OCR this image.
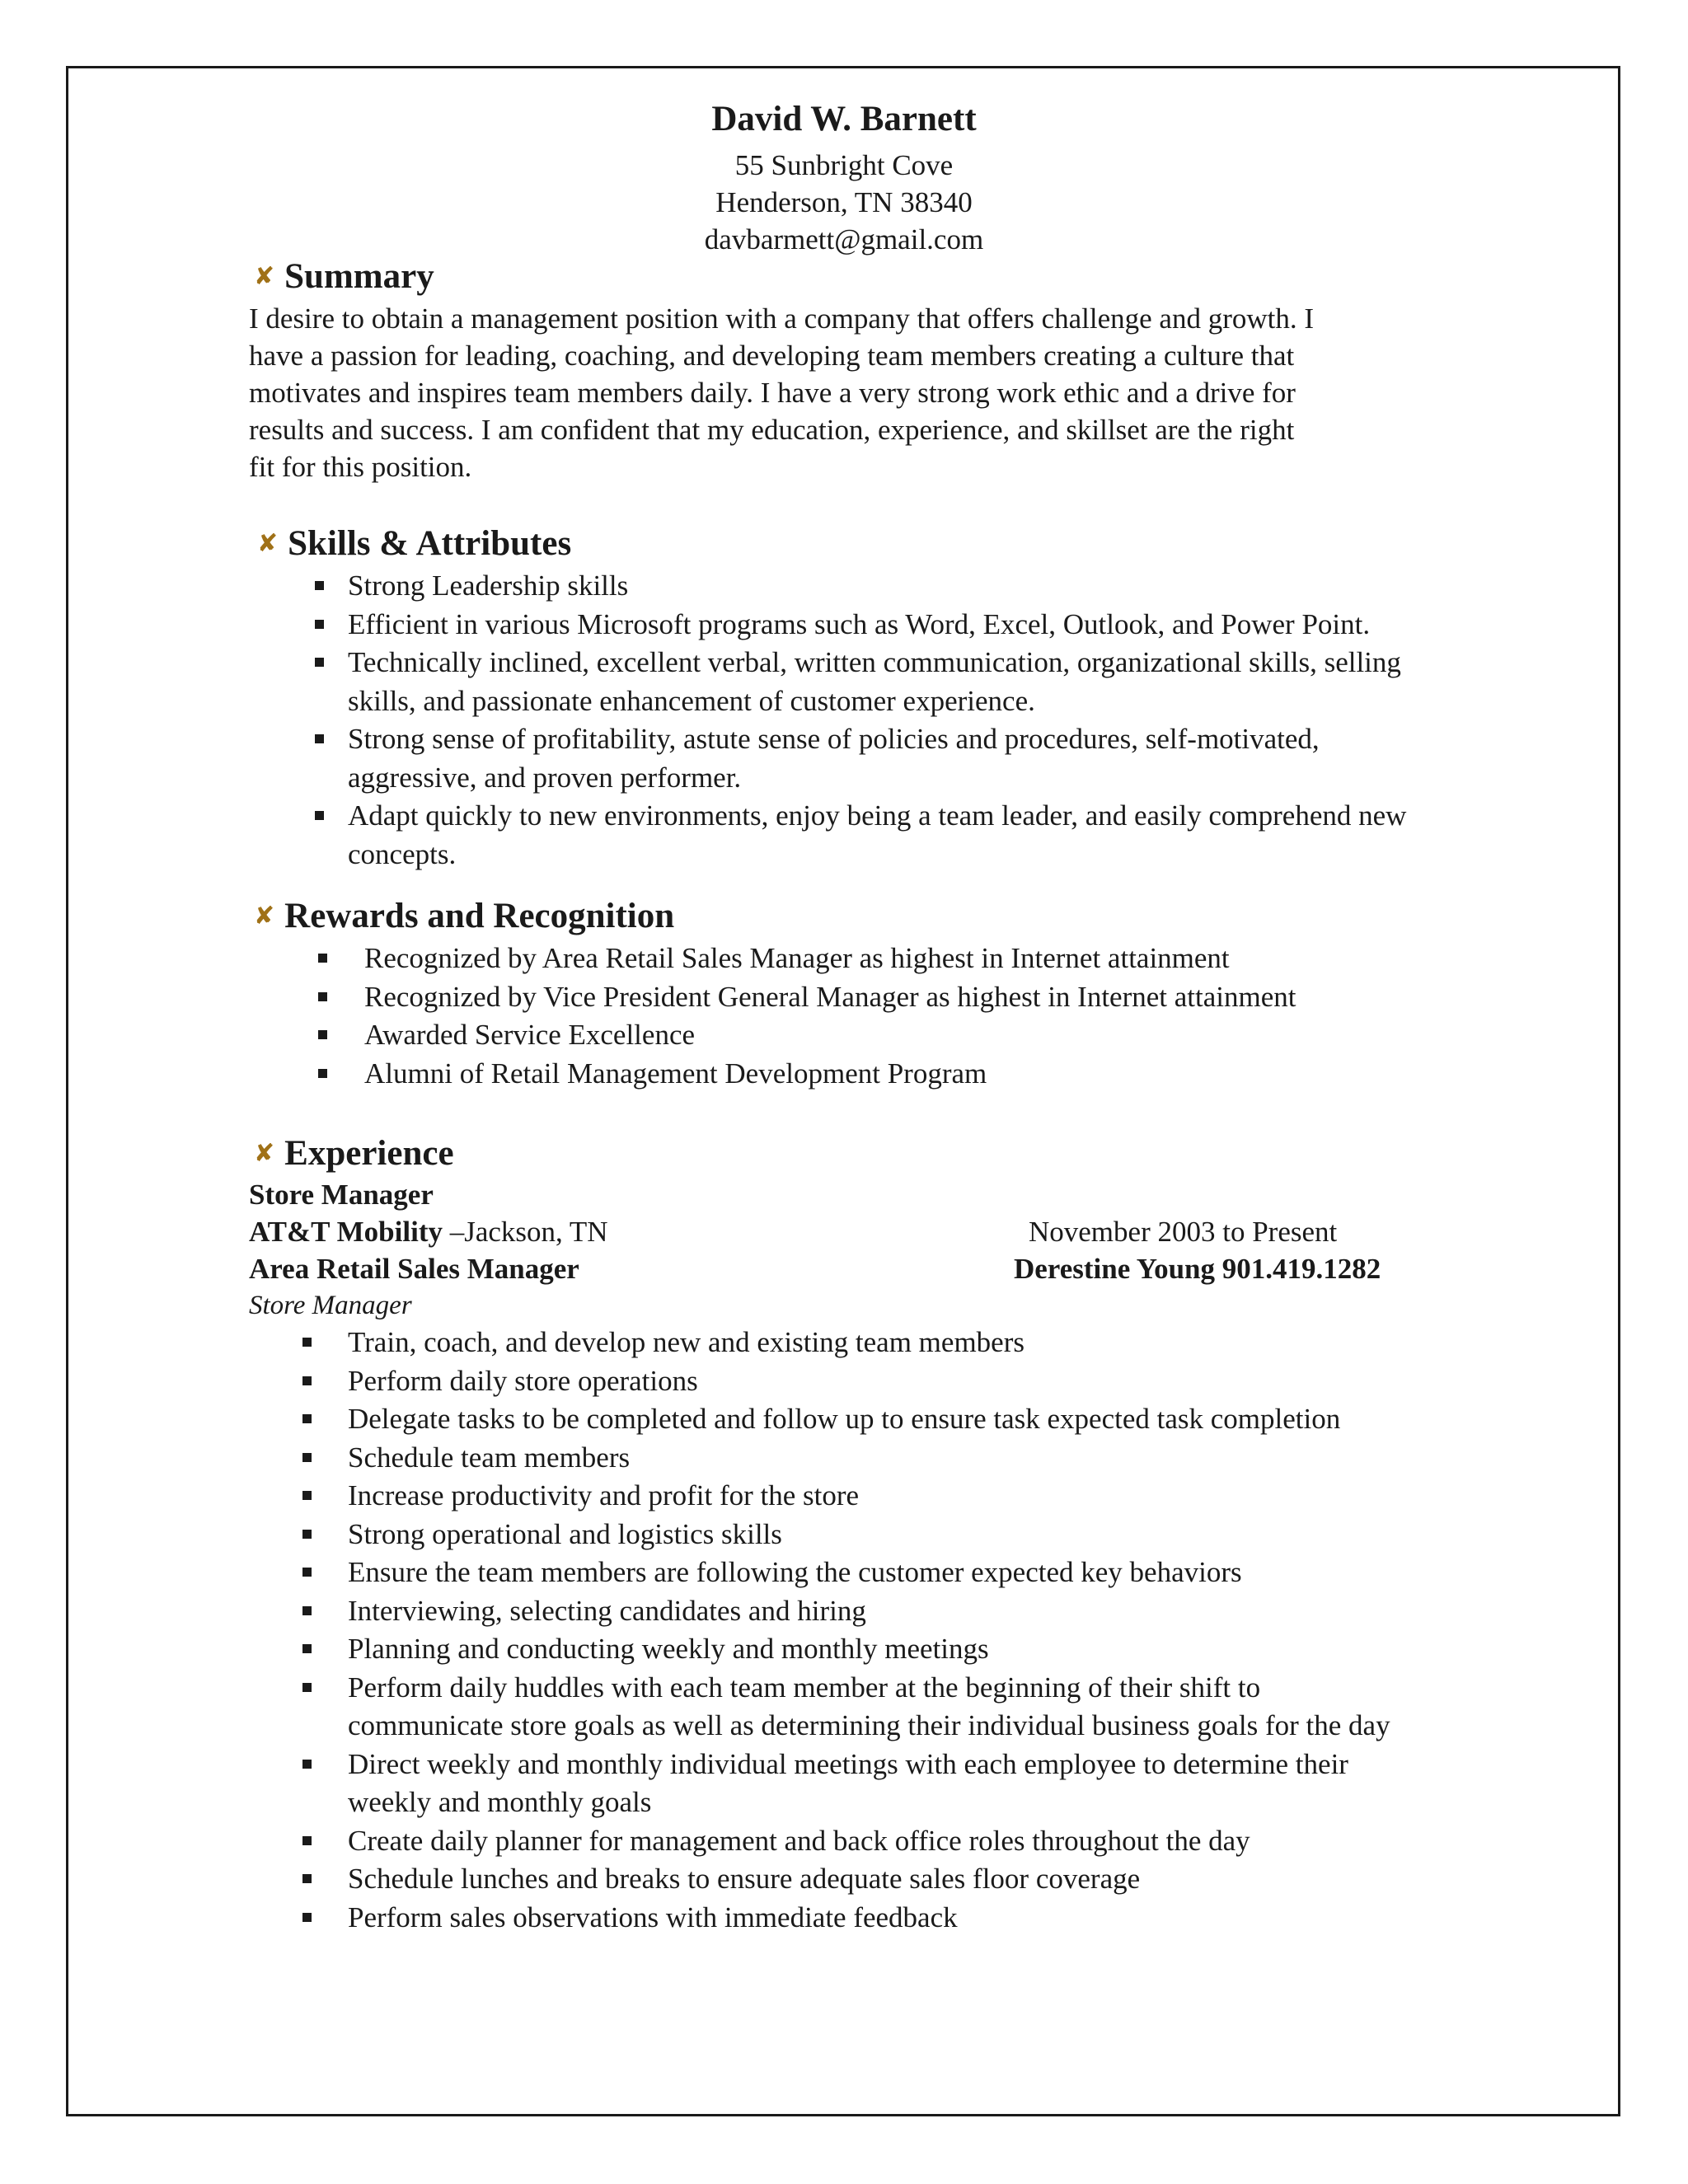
David W. Barnett
55 Sunbright Cove
Henderson, TN 38340
davbarmett@gmail.com
✘ Summary
I desire to obtain a management position with a company that offers challenge and growth. I
have a passion for leading, coaching, and developing team members creating a culture that
motivates and inspires team members daily. I have a very strong work ethic and a drive for
results and success. I am confident that my education, experience, and skillset are the right
fit for this position.
✘ Skills & Attributes
Strong Leadership skills
Efficient in various Microsoft programs such as Word, Excel, Outlook, and Power Point.
Technically inclined, excellent verbal, written communication, organizational skills, selling
skills, and passionate enhancement of customer experience.
Strong sense of profitability, astute sense of policies and procedures, self-motivated,
aggressive, and proven performer.
Adapt quickly to new environments, enjoy being a team leader, and easily comprehend new
concepts.
✘ Rewards and Recognition
Recognized by Area Retail Sales Manager as highest in Internet attainment
Recognized by Vice President General Manager as highest in Internet attainment
Awarded Service Excellence
Alumni of Retail Management Development Program
✘ Experience
Store Manager
AT&T Mobility –Jackson, TN	November 2003 to Present
Area Retail Sales Manager	Derestine Young 901.419.1282
Store Manager
Train, coach, and develop new and existing team members
Perform daily store operations
Delegate tasks to be completed and follow up to ensure task expected task completion
Schedule team members
Increase productivity and profit for the store
Strong operational and logistics skills
Ensure the team members are following the customer expected key behaviors
Interviewing, selecting candidates and hiring
Planning and conducting weekly and monthly meetings
Perform daily huddles with each team member at the beginning of their shift to
communicate store goals as well as determining their individual business goals for the day
Direct weekly and monthly individual meetings with each employee to determine their
weekly and monthly goals
Create daily planner for management and back office roles throughout the day
Schedule lunches and breaks to ensure adequate sales floor coverage
Perform sales observations with immediate feedback
